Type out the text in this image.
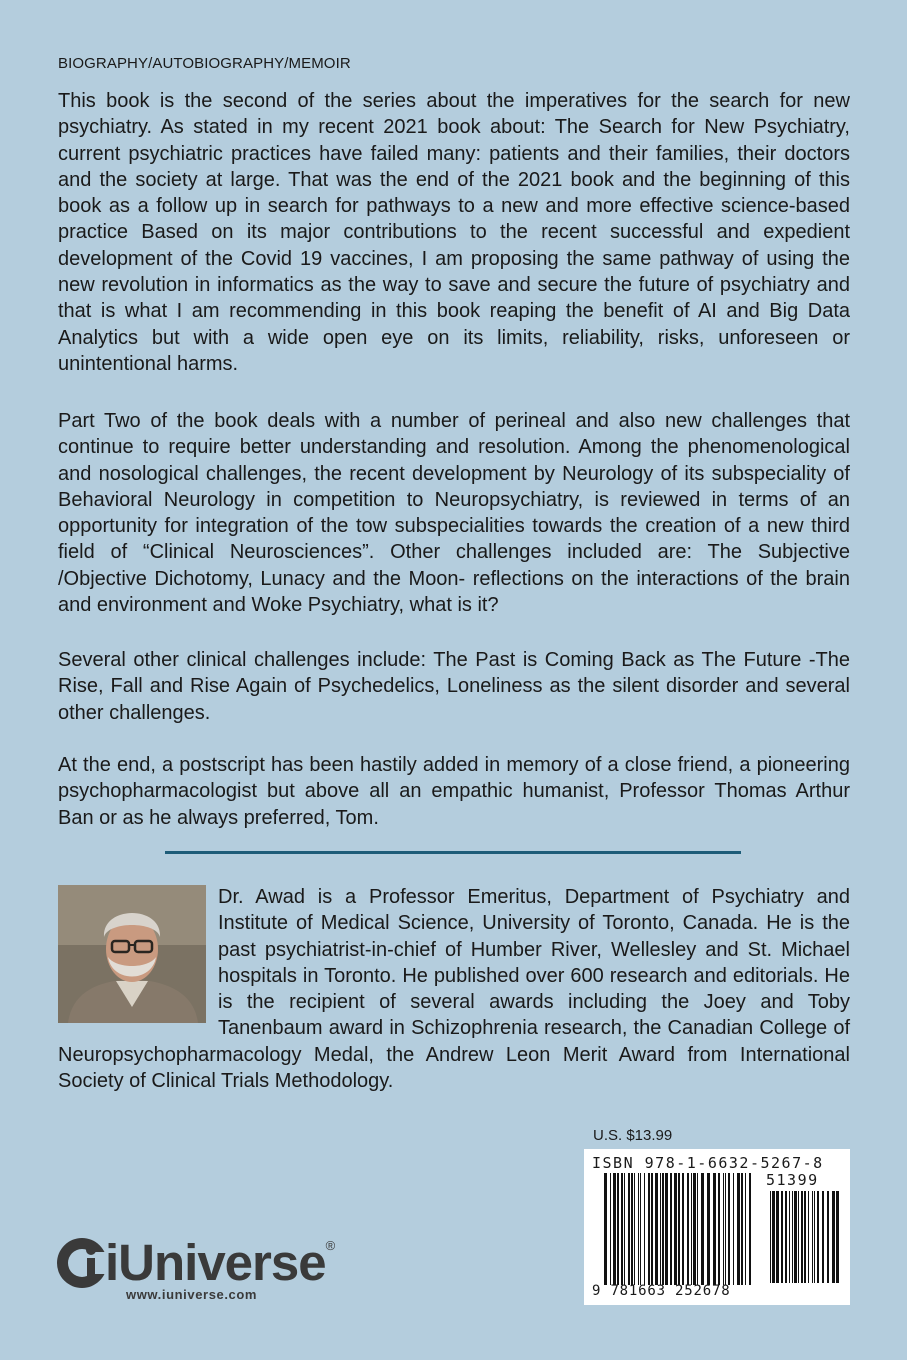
BIOGRAPHY/AUTOBIOGRAPHY/MEMOIR

This book is the second of the series about the imperatives for the search for new psychiatry. As stated in my recent 2021 book about: The Search for New Psychiatry, current psychiatric practices have failed many: patients and their families, their doctors and the society at large. That was the end of the 2021 book and the beginning of this book as a follow up in search for pathways to a new and more effective science-based practice Based on its major contributions to the recent successful and expedient development of the Covid 19 vaccines, I am proposing the same pathway of using the new revolution in informatics as the way to save and secure the future of psychiatry and that is what I am recommending in this book reaping the benefit of AI and Big Data Analytics but with a wide open eye on its limits, reliability, risks, unforeseen or unintentional harms.

Part Two of the book deals with a number of perineal and also new challenges that continue to require better understanding and resolution. Among the phenomenological and nosological challenges, the recent development by Neurology of its subspeciality of Behavioral Neurology in competition to Neuropsychiatry, is reviewed in terms of an opportunity for integration of the tow subspecialities towards the creation of a new third field of “Clinical Neurosciences”. Other challenges included are: The Subjective /Objective Dichotomy, Lunacy and the Moon- reflections on the interactions of the brain and environment and Woke Psychiatry, what is it?

Several other clinical challenges include: The Past is Coming Back as The Future -The Rise, Fall and Rise Again of Psychedelics, Loneliness as the silent disorder and several other challenges.

At the end, a postscript has been hastily added in memory of a close friend, a pioneering psychopharmacologist but above all an empathic humanist, Professor Thomas Arthur Ban or as he always preferred, Tom.

Dr. Awad is a Professor Emeritus, Department of Psychiatry and Institute of Medical Science, University of Toronto, Canada. He is the past psychiatrist-in-chief of Humber River, Wellesley and St. Michael hospitals in Toronto. He published over 600 research and editorials. He is the recipient of several awards including the Joey and Toby Tanenbaum award in Schizophrenia research, the Canadian College of Neuropsychopharmacology Medal, the Andrew Leon Merit Award from International Society of Clinical Trials Methodology.

U.S. $13.99
ISBN 978-1-6632-5267-8
51399
9 781663 252678
iUniverse®
www.iuniverse.com
